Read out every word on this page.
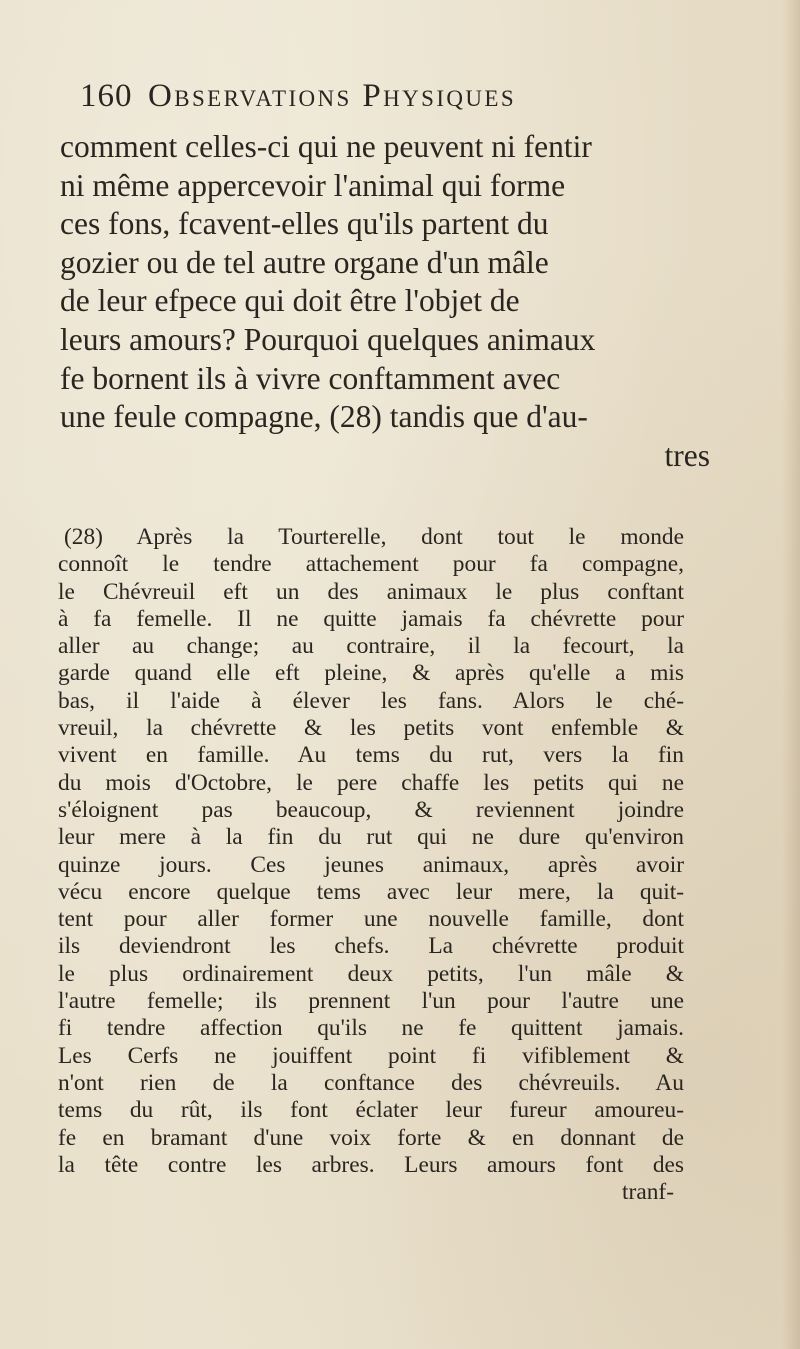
160 Observations Physiques
comment celles-ci qui ne peuvent ni fentir
ni même appercevoir l'animal qui forme
ces fons, fcavent-elles qu'ils partent du
gozier ou de tel autre organe d'un mâle
de leur efpece qui doit être l'objet de
leurs amours? Pourquoi quelques animaux
fe bornent ils à vivre conftamment avec
une feule compagne, (28) tandis que d'au-
tres
(28) Après la Tourterelle, dont tout le monde
connoît le tendre attachement pour fa compagne,
le Chévreuil eft un des animaux le plus conftant
à fa femelle. Il ne quitte jamais fa chévrette pour
aller au change; au contraire, il la fecourt, la
garde quand elle eft pleine, & après qu'elle a mis
bas, il l'aide à élever les fans. Alors le ché-
vreuil, la chévrette & les petits vont enfemble &
vivent en famille. Au tems du rut, vers la fin
du mois d'Octobre, le pere chaffe les petits qui ne
s'éloignent pas beaucoup, & reviennent joindre
leur mere à la fin du rut qui ne dure qu'environ
quinze jours. Ces jeunes animaux, après avoir
vécu encore quelque tems avec leur mere, la quit-
tent pour aller former une nouvelle famille, dont
ils deviendront les chefs. La chévrette produit
le plus ordinairement deux petits, l'un mâle &
l'autre femelle; ils prennent l'un pour l'autre une
fi tendre affection qu'ils ne fe quittent jamais.
Les Cerfs ne jouiffent point fi vifiblement &
n'ont rien de la conftance des chévreuils. Au
tems du rût, ils font éclater leur fureur amoureu-
fe en bramant d'une voix forte & en donnant de
la tête contre les arbres. Leurs amours font des
tranf-
